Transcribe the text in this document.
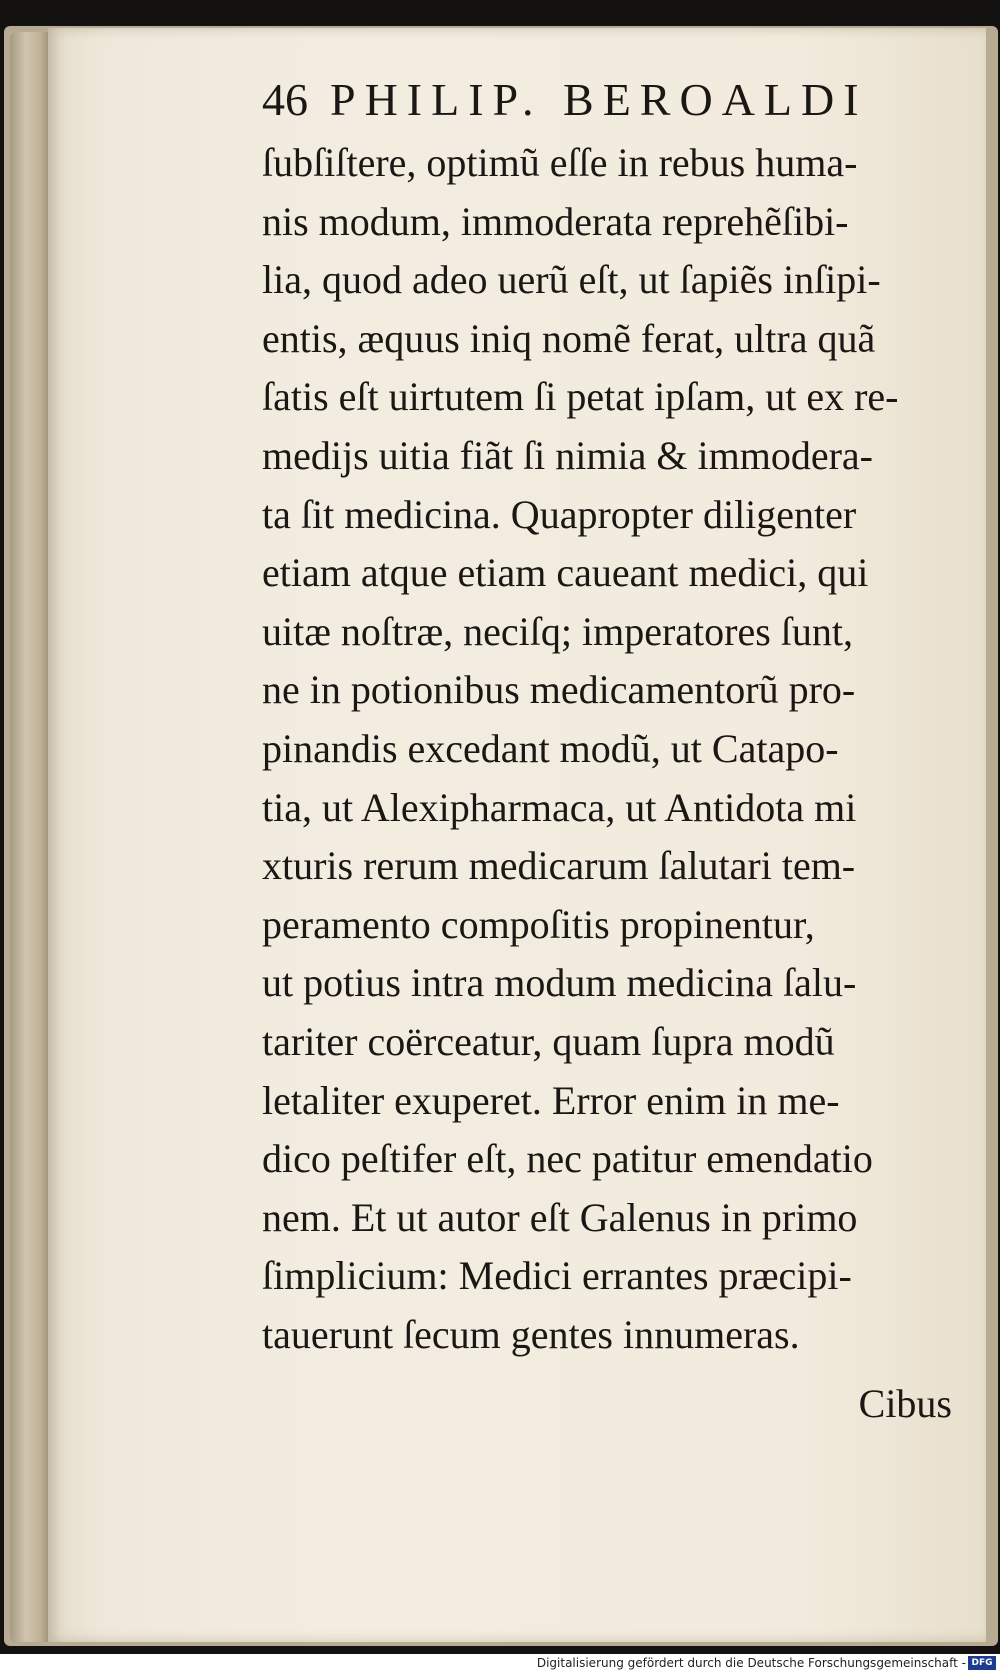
46 PHILIP. BEROALDI
ſubſiſtere, optimũ eſſe in rebus huma-
nis modum, immoderata reprehẽſibi-
lia, quod adeo uerũ eſt, ut ſapiẽs inſipi-
entis, æquus iniq nomẽ ferat, ultra quã
ſatis eſt uirtutem ſi petat ipſam, ut ex re-
medijs uitia fiãt ſi nimia & immodera-
ta ſit medicina. Quapropter diligenter
etiam atque etiam caueant medici, qui
uitæ noſtræ, neciſq; imperatores ſunt,
ne in potionibus medicamentorũ pro-
pinandis excedant modũ, ut Catapo-
tia, ut Alexipharmaca, ut Antidota mi
xturis rerum medicarum ſalutari tem-
peramento compoſitis propinentur,
ut potius intra modum medicina ſalu-
tariter coërceatur, quam ſupra modũ
letaliter exuperet. Error enim in me-
dico peſtifer eſt, nec patitur emendatio
nem. Et ut autor eſt Galenus in primo
ſimplicium: Medici errantes præcipi-
tauerunt ſecum gentes innumeras.
Cibus
Digitalisierung gefördert durch die Deutsche Forschungsgemeinschaft - DFG
